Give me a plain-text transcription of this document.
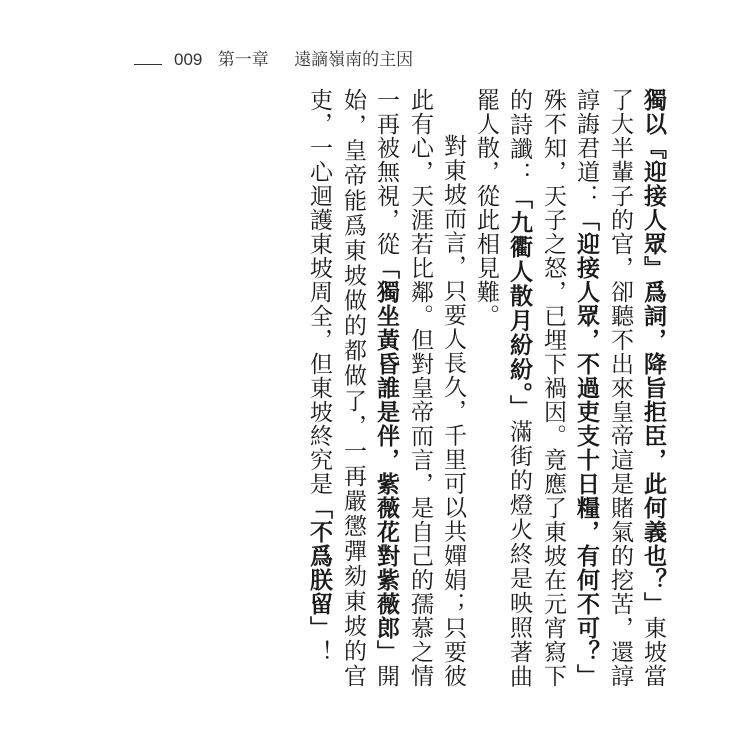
009 第一章 遠謫嶺南的主因

獨以『迎接人眾』爲詞，降旨拒臣，此何義也？」東坡當了大半輩子的官，卻聽不出來皇帝這是賭氣的挖苦，還諄諄誨君道：「迎接人眾，不過吏支十日糧，有何不可？」殊不知，天子之怒，已埋下禍因。竟應了東坡在元宵寫下的詩讖：「九衢人散月紛紛。」滿街的燈火終是映照著曲罷人散，從此相見難。

對東坡而言，只要人長久，千里可以共嬋娟；只要彼此有心，天涯若比鄰。但對皇帝而言，是自己的孺慕之情一再被無視，從「獨坐黃昏誰是伴，紫薇花對紫薇郎」開始，皇帝能爲東坡做的都做了，一再嚴懲彈劾東坡的官吏，一心迴護東坡周全，但東坡終究是「不爲朕留」！
